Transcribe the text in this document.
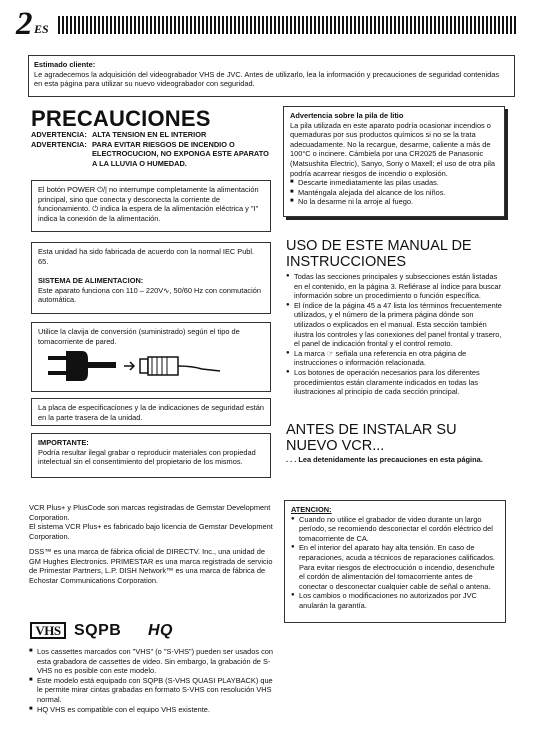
2 ES
Estimado cliente:
Le agradecemos la adquisición del videograbador VHS de JVC. Antes de utilizarlo, lea la información y precauciones de seguridad contenidas en esta página para utilizar su nuevo videograbador con seguridad.
PRECAUCIONES
ADVERTENCIA: ALTA TENSION EN EL INTERIOR
ADVERTENCIA: PARA EVITAR RIESGOS DE INCENDIO O ELECTROCUCION, NO EXPONGA ESTE APARATO A LA LLUVIA O HUMEDAD.
El botón POWER ⏻/| no interrumpe completamente la alimentación principal, sino que conecta y desconecta la corriente de funcionamiento. ⏻ indica la espera de la alimentación eléctrica y "I" indica la conexión de la alimentación.
Esta unidad ha sido fabricada de acuerdo con la normal IEC Publ. 65.
SISTEMA DE ALIMENTACION:
Este aparato funciona con 110 – 220V∿, 50/60 Hz con conmutación automática.
Utilice la clavija de conversión (suministrado) según el tipo de tomacorriente de pared.
La placa de especificaciones y la de indicaciones de seguridad están en la parte trasera de la unidad.
IMPORTANTE:
Podría resultar ilegal grabar o reproducir materiales con propiedad intelectual sin el consentimiento del propietario de los mismos.
Advertencia sobre la pila de litio
La pila utilizada en este aparato podría ocasionar incendios o quemaduras por sus productos químicos si no se la trata adecuadamente. No la recargue, desarme, caliente a más de 100°C o incinere. Cámbiela por una CR2025 de Panasonic (Matsushita Electric), Sanyo, Sony o Maxell; el uso de otra pila podría acarrear riesgos de incendio o explosión.
■ Descarte inmediatamente las pilas usadas.
■ Manténgala alejada del alcance de los niños.
■ No la desarme ni la arroje al fuego.
USO DE ESTE MANUAL DE INSTRUCCIONES
● Todas las secciones principales y subsecciones están listadas en el contenido, en la página 3. Refiérase al índice para buscar información sobre un procedimiento o función específica.
● El índice de la página 45 a 47 lista los términos frecuentemente utilizados, y el número de la primera página dónde son utilizados o explicados en el manual. Esta sección también ilustra los controles y las conexiones del panel frontal y trasero, el panel de indicación frontal y el control remoto.
● La marca ☞ señala una referencia en otra página de instrucciones o información relacionada.
● Los botones de operación necesarios para los diferentes procedimientos están claramente indicados en todas las ilustraciones al principio de cada sección principal.
ANTES DE INSTALAR SU NUEVO VCR...
. . . Lea detenidamente las precauciones en esta página.
VCR Plus+ y PlusCode son marcas registradas de Gemstar Development Corporation.
El sistema VCR Plus+ es fabricado bajo licencia de Gemstar Development Corporation.
DSS™ es una marca de fábrica oficial de DIRECTV. Inc., una unidad de GM Hughes Electronics. PRIMESTAR es una marca registrada de servicio de Primestar Partners, L.P. DISH Network™ es una marca de fábrica de Echostar Communications Corporation.
ATENCION:
● Cuando no utilice el grabador de video durante un largo período, se recomiendo desconectar el cordón eléctrico del tomacorriente de CA.
● En el interior del aparato hay alta tensión. En caso de reparaciones, acuda a técnicos de reparaciones calificados. Para evitar riesgos de electrocución o incendio, desenchufe el cordón de alimentación del tomacorriente antes de conectar o desconectar cualquier cable de señal o antena.
● Los cambios o modificaciones no autorizados por JVC anularán la garantía.
VHS SQPB HQ
■ Los cassettes marcados con "VHS" (o "S-VHS") pueden ser usados con esta grabadora de cassettes de video. Sin embargo, la grabación de S-VHS no es posible con este modelo.
■ Este modelo está equipado con SQPB (S-VHS QUASI PLAYBACK) que le permite mirar cintas grabadas en formato S-VHS con resolución VHS normal.
■ HQ VHS es compatible con el equipo VHS existente.
